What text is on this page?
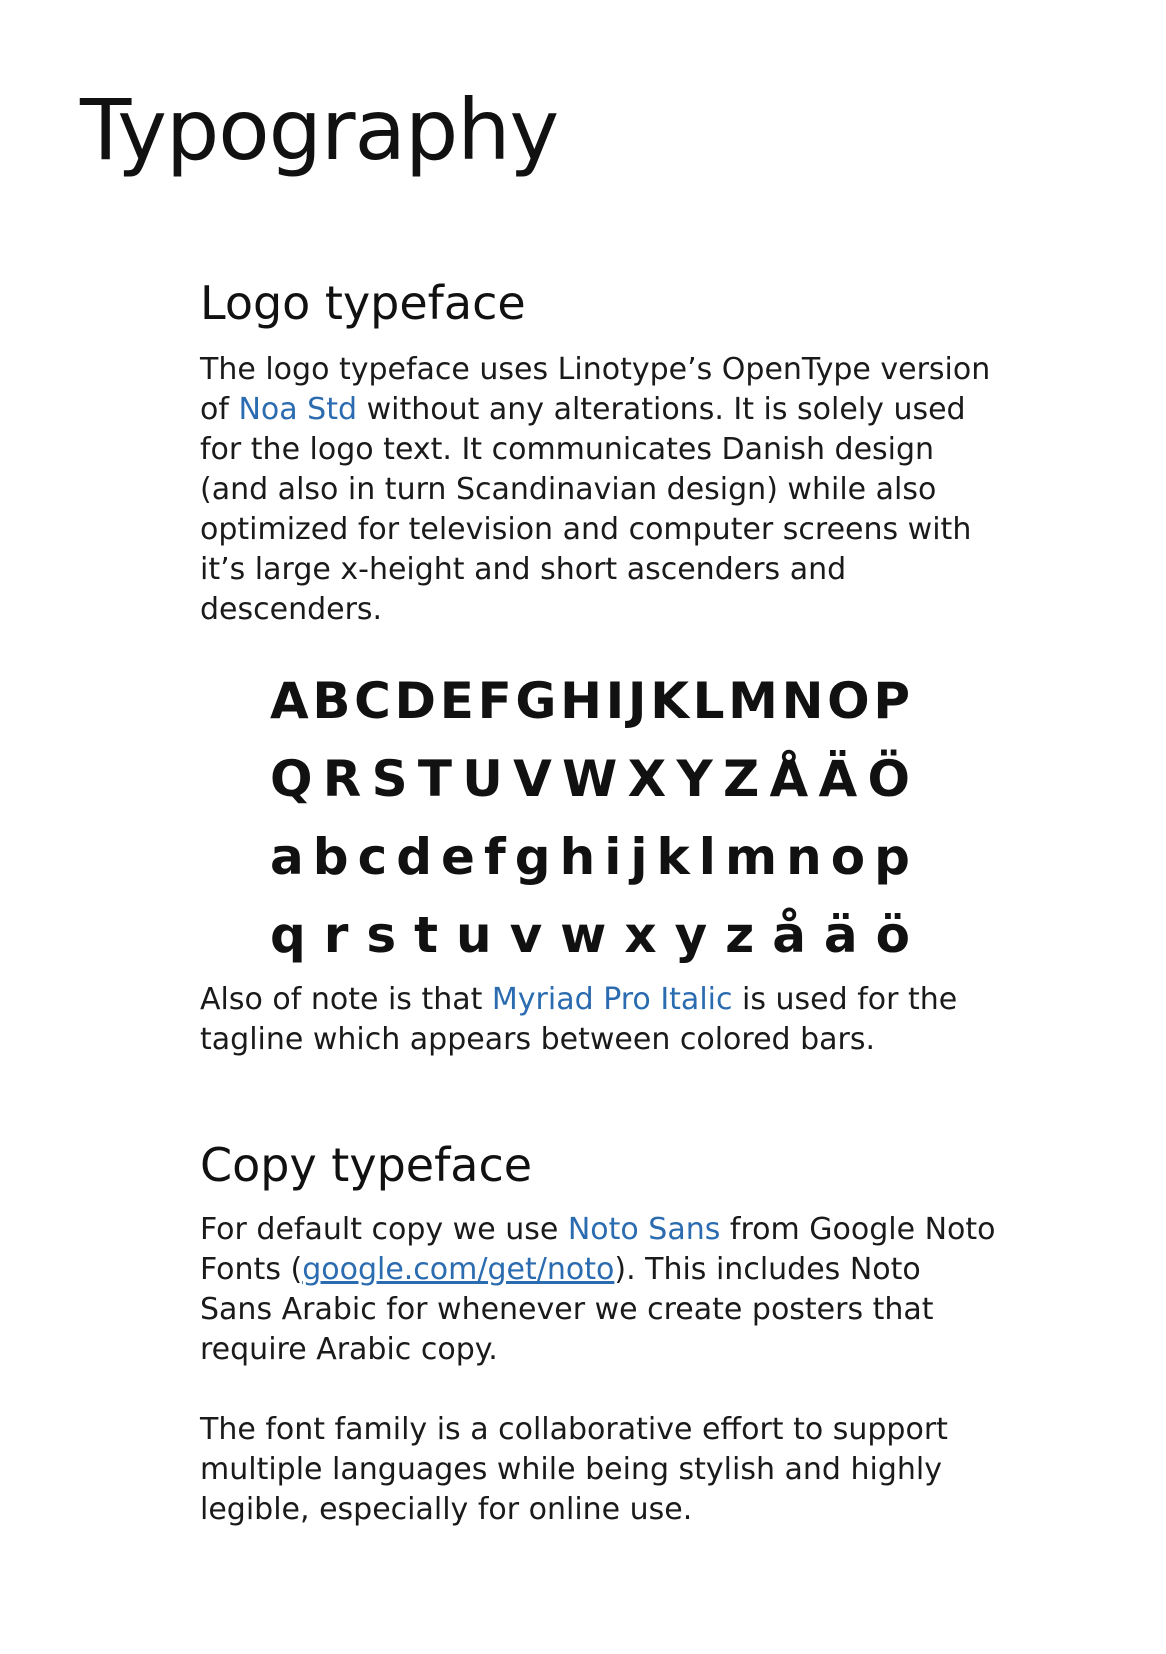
Typography
Logo typeface

The logo typeface uses Linotype’s OpenType version of Noa Std without any alterations. It is solely used for the logo text. It communicates Danish design (and also in turn Scandinavian design) while also optimized for television and computer screens with it’s large x-height and short ascenders and descenders.

A B C D E F G H I J K L M N O P
Q R S T U V W X Y Z Å Ä Ö
a b c d e f g h i j k l m n o p
q r s t u v w x y z å ä ö

Also of note is that Myriad Pro Italic is used for the tagline which appears between colored bars.

Copy typeface

For default copy we use Noto Sans from Google Noto Fonts (google.com/get/noto). This includes Noto Sans Arabic for whenever we create posters that require Arabic copy.

The font family is a collaborative effort to support multiple languages while being stylish and highly legible, especially for online use.
